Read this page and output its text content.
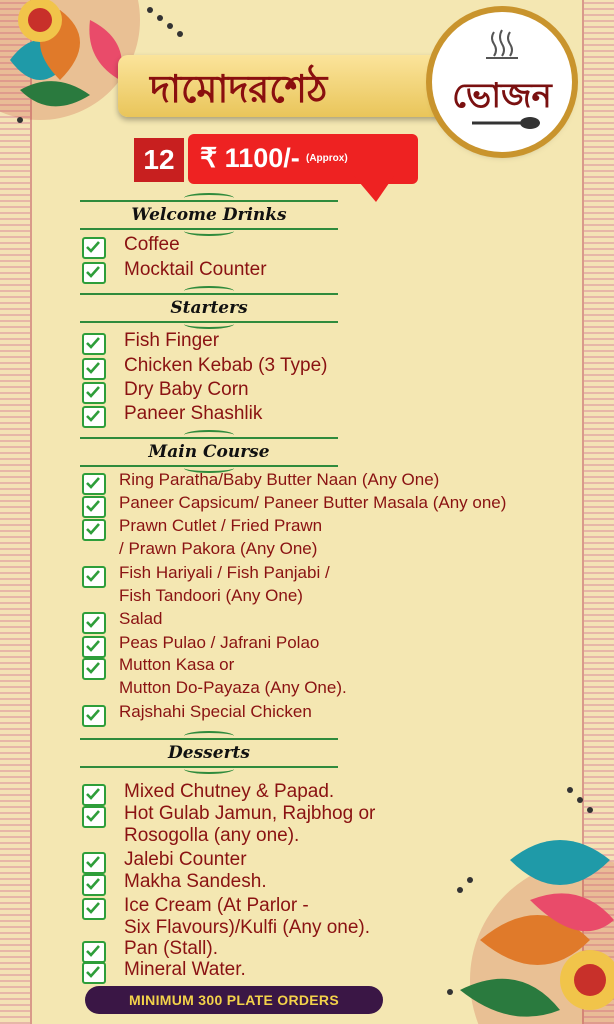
দামোদরশেঠ	ভোজন
12 ₹ 1100/- (Approx)
Welcome Drinks
Coffee
Mocktail Counter
Starters
Fish Finger
Chicken Kebab (3 Type)
Dry Baby Corn
Paneer Shashlik
Main Course
Ring Paratha/Baby Butter Naan (Any One)
Paneer Capsicum/ Paneer Butter Masala (Any one)
Prawn Cutlet / Fried Prawn
/ Prawn Pakora (Any One)
Fish Hariyali / Fish Panjabi /
Fish Tandoori (Any One)
Salad
Peas Pulao / Jafrani Polao
Mutton Kasa or
Mutton Do-Payaza (Any One).
Rajshahi Special Chicken
Desserts
Mixed Chutney & Papad.
Hot Gulab Jamun, Rajbhog or
Rosogolla (any one).
Jalebi Counter
Makha Sandesh.
Ice Cream (At Parlor -
Six Flavours)/Kulfi (Any one).
Pan (Stall).
Mineral Water.
MINIMUM 300 PLATE ORDERS
